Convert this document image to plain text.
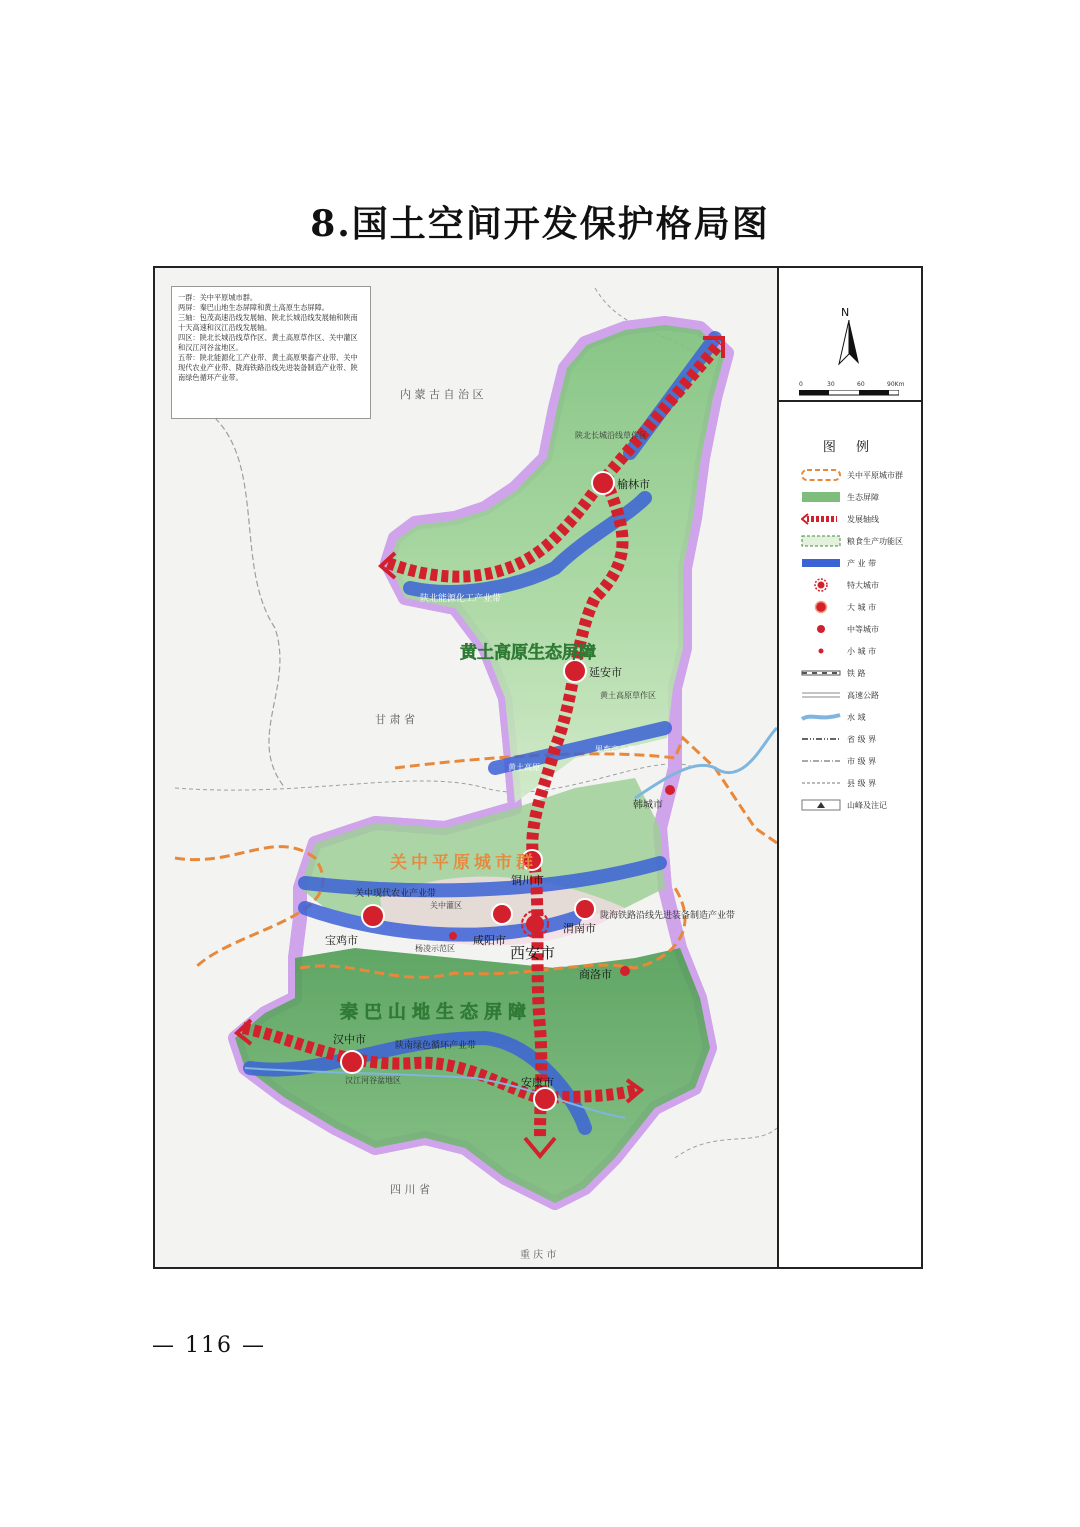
8.国土空间开发保护格局图
内 蒙 古 自 治 区
甘 肃 省
四 川 省
重 庆 市
黄土高原生态屏障
秦巴山地生态屏障
关中平原城市群
陕北长城沿线草作区
黄土高原草作区
关中灌区
汉江河谷盆地区
杨凌示范区
陕北能源化工产业带
果畜产业带
黄土高原
关中现代农业产业带
陇海铁路沿线先进装备制造产业带
陕南绿色循环产业带
榆林市
延安市
铜川市
西安市
宝鸡市	咸阳市
渭南市
汉中市
安康市
商洛市
韩城市
一群：关中平原城市群。
两屏：秦巴山地生态屏障和黄土高原生态屏障。
三轴：包茂高速沿线发展轴、陕北长城沿线发展轴和陕南十天高速和汉江沿线发展轴。
四区：陕北长城沿线草作区、黄土高原草作区、关中灌区和汉江河谷盆地区。
五带：陕北能源化工产业带、黄土高原果畜产业带、关中现代农业产业带、陇海铁路沿线先进装备制造产业带、陕南绿色循环产业带。
N
0	30	60	90Km
图 例
关中平原城市群
生态屏障
发展轴线
粮食生产功能区
产 业 带
特大城市
大 城 市
中等城市
小 城 市
铁 路
高速公路
水 域
省 级 界
市 级 界
县 级 界
山峰及注记
— 116 —
